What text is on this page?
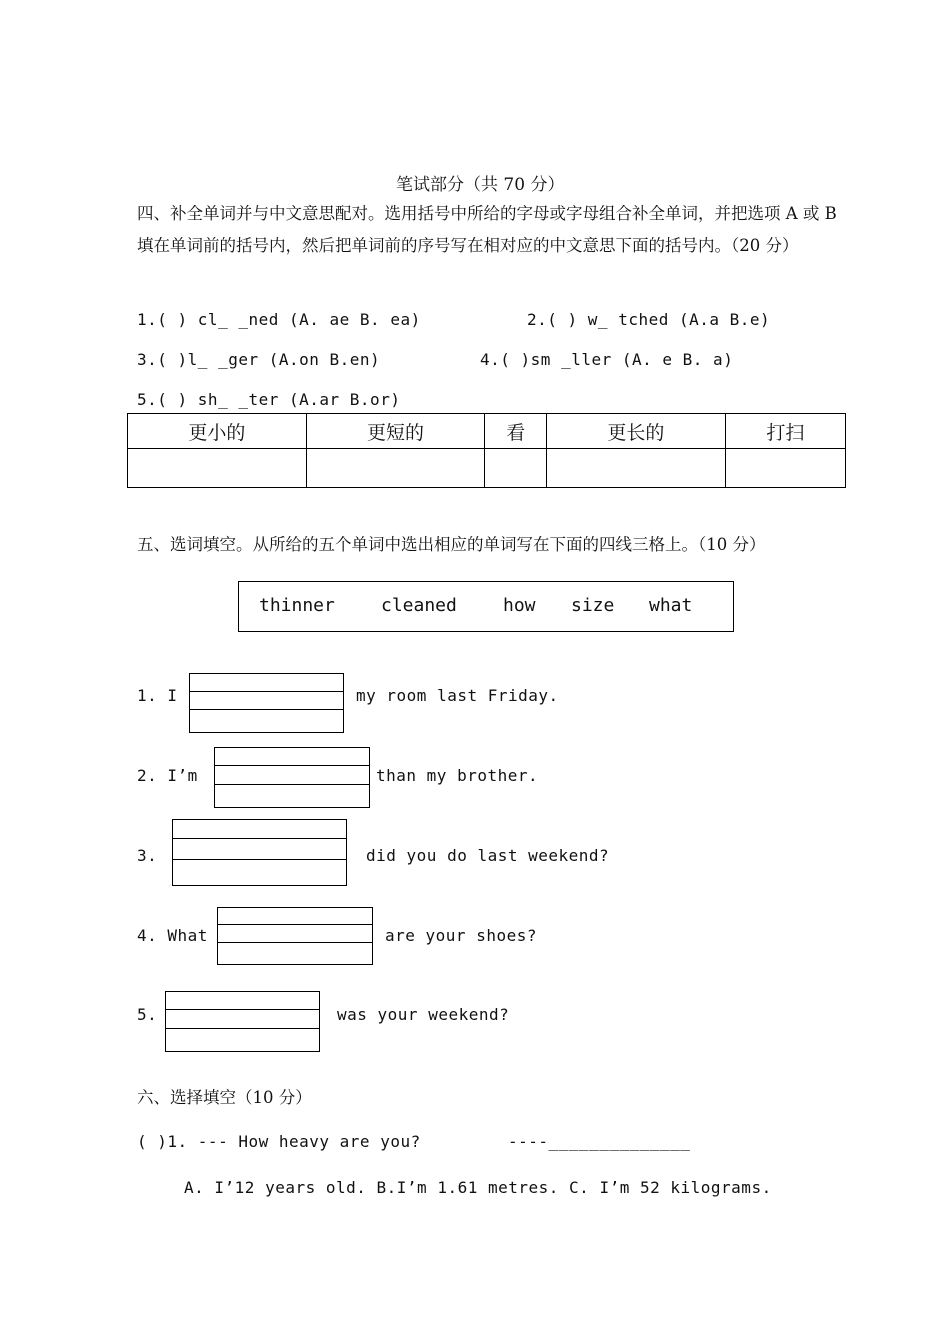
笔试部分（共 70 分）
四、补全单词并与中文意思配对。选用括号中所给的字母或字母组合补全单词，并把选项 A 或 B 填在单词前的括号内，然后把单词前的序号写在相对应的中文意思下面的括号内。（20 分）
1.( ) cl_ _ned (A. ae B. ea)	2.( ) w_ tched (A.a B.e)
3.( )l_ _ger (A.on B.en)	4.( )sm _ller (A. e B. a)
5.( ) sh_ _ter (A.ar B.or)
更小的	更短的	看	更长的	打扫

五、选词填空。从所给的五个单词中选出相应的单词写在下面的四线三格上。（10 分）
thinner	cleaned	how size what
1. I	my room last Friday.
2. I’m	than my brother.
3.	did you do last weekend?
4. What	are your shoes?
5.	was your weekend?
六、选择填空（10 分）
( )1. --- How heavy are you?	----______________
A. I’12 years old. B.I’m 1.61 metres. C. I’m 52 kilograms.
